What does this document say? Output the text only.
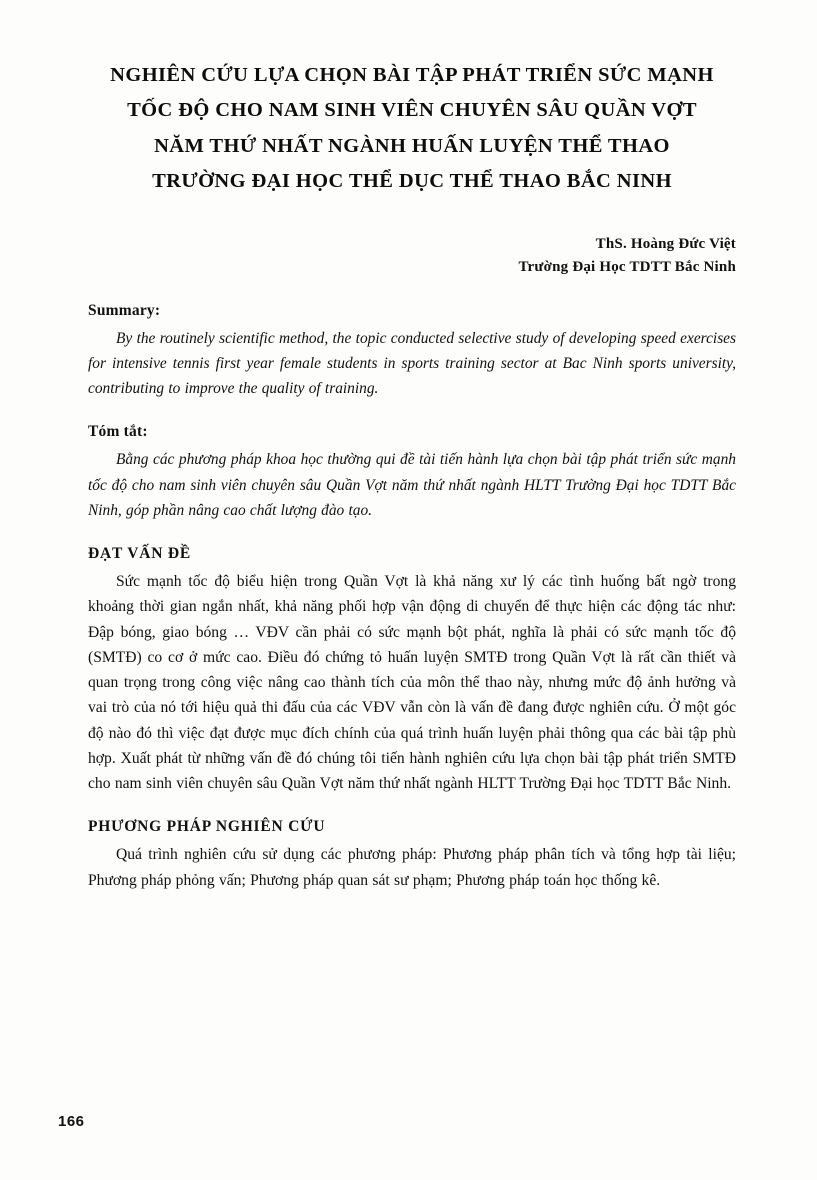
NGHIÊN CỨU LỰA CHỌN BÀI TẬP PHÁT TRIỂN SỨC MẠNH
TỐC ĐỘ CHO NAM SINH VIÊN CHUYÊN SÂU QUẦN VỢT
NĂM THỨ NHẤT NGÀNH HUẤN LUYỆN THỂ THAO
TRƯỜNG ĐẠI HỌC THỂ DỤC THỂ THAO BẮC NINH
ThS. Hoàng Đức Việt
Trường Đại Học TDTT Bắc Ninh
Summary:

By the routinely scientific method, the topic conducted selective study of developing speed exercises for intensive tennis first year female students in sports training sector at Bac Ninh sports university, contributing to improve the quality of training.

Tóm tắt:

Bằng các phương pháp khoa học thường qui đề tài tiến hành lựa chọn bài tập phát triển sức mạnh tốc độ cho nam sinh viên chuyên sâu Quần Vợt năm thứ nhất ngành HLTT Trường Đại học TDTT Bắc Ninh, góp phần nâng cao chất lượng đào tạo.

ĐẠT VẤN ĐỀ

Sức mạnh tốc độ biểu hiện trong Quần Vợt là khả năng xư lý các tình huống bất ngờ trong khoảng thời gian ngắn nhất, khả năng phối hợp vận động di chuyển để thực hiện các động tác như: Đập bóng, giao bóng … VĐV cần phải có sức mạnh bột phát, nghĩa là phải có sức mạnh tốc độ (SMTĐ) co cơ ở mức cao. Điều đó chứng tỏ huấn luyện SMTĐ trong Quần Vợt là rất cần thiết và quan trọng trong công việc nâng cao thành tích của môn thể thao này, nhưng mức độ ảnh hưởng và vai trò của nó tới hiệu quả thi đấu của các VĐV vẫn còn là vấn đề đang được nghiên cứu. Ở một góc độ nào đó thì việc đạt được mục đích chính của quá trình huấn luyện phải thông qua các bài tập phù hợp. Xuất phát từ những vấn đề đó chúng tôi tiến hành nghiên cứu lựa chọn bài tập phát triển SMTĐ cho nam sinh viên chuyên sâu Quần Vợt năm thứ nhất ngành HLTT Trường Đại học TDTT Bắc Ninh.

PHƯƠNG PHÁP NGHIÊN CỨU

Quá trình nghiên cứu sử dụng các phương pháp: Phương pháp phân tích và tổng hợp tài liệu; Phương pháp phỏng vấn; Phương pháp quan sát sư phạm; Phương pháp toán học thống kê.

166
